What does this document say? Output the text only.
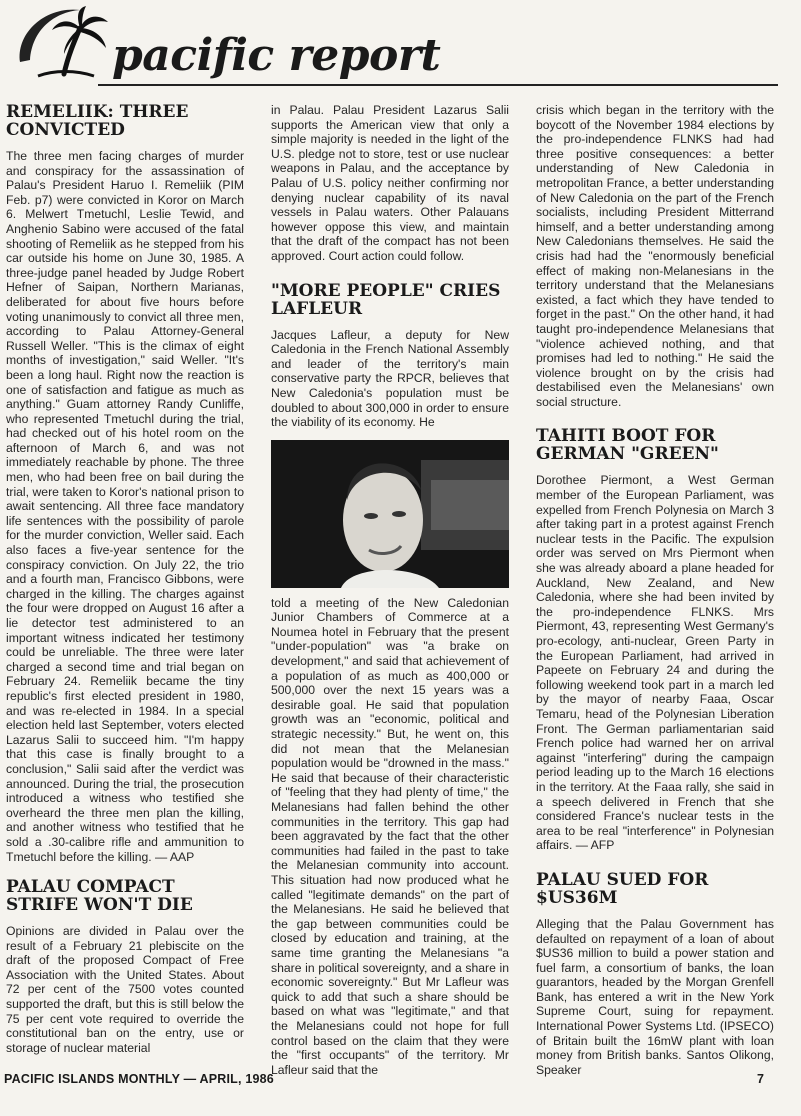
pacific report
REMELIIK: THREE CONVICTED

The three men facing charges of murder and conspiracy for the assassination of Palau's President Haruo I. Remeliik (PIM Feb. p7) were convicted in Koror on March 6. Melwert Tmetuchl, Leslie Tewid, and Anghenio Sabino were accused of the fatal shooting of Remeliik as he stepped from his car outside his home on June 30, 1985. A three-judge panel headed by Judge Robert Hefner of Saipan, Northern Marianas, deliberated for about five hours before voting unanimously to convict all three men, according to Palau Attorney-General Russell Weller. "This is the climax of eight months of investigation," said Weller. "It's been a long haul. Right now the reaction is one of satisfaction and fatigue as much as anything." Guam attorney Randy Cunliffe, who represented Tmetuchl during the trial, had checked out of his hotel room on the afternoon of March 6, and was not immediately reachable by phone. The three men, who had been free on bail during the trial, were taken to Koror's national prison to await sentencing. All three face mandatory life sentences with the possibility of parole for the murder conviction, Weller said. Each also faces a five-year sentence for the conspiracy conviction. On July 22, the trio and a fourth man, Francisco Gibbons, were charged in the killing. The charges against the four were dropped on August 16 after a lie detector test administered to an important witness indicated her testimony could be unreliable. The three were later charged a second time and trial began on February 24. Remeliik became the tiny republic's first elected president in 1980, and was re-elected in 1984. In a special election held last September, voters elected Lazarus Salii to succeed him. "I'm happy that this case is finally brought to a conclusion," Salii said after the verdict was announced. During the trial, the prosecution introduced a witness who testified she overheard the three men plan the killing, and another witness who testified that he sold a .30-calibre rifle and ammunition to Tmetuchl before the killing. — AAP

PALAU COMPACT STRIFE WON'T DIE

Opinions are divided in Palau over the result of a February 21 plebiscite on the draft of the proposed Compact of Free Association with the United States. About 72 per cent of the 7500 votes counted supported the draft, but this is still below the 75 per cent vote required to override the constitutional ban on the entry, use or storage of nuclear material

in Palau. Palau President Lazarus Salii supports the American view that only a simple majority is needed in the light of the U.S. pledge not to store, test or use nuclear weapons in Palau, and the acceptance by Palau of U.S. policy neither confirming nor denying nuclear capability of its naval vessels in Palau waters. Other Palauans however oppose this view, and maintain that the draft of the compact has not been approved. Court action could follow.

"MORE PEOPLE" CRIES LAFLEUR

Jacques Lafleur, a deputy for New Caledonia in the French National Assembly and leader of the territory's main conservative party the RPCR, believes that New Caledonia's population must be doubled to about 300,000 in order to ensure the viability of its economy. He

told a meeting of the New Caledonian Junior Chambers of Commerce at a Noumea hotel in February that the present "under-population" was "a brake on development," and said that achievement of a population of as much as 400,000 or 500,000 over the next 15 years was a desirable goal. He said that population growth was an "economic, political and strategic necessity." But, he went on, this did not mean that the Melanesian population would be "drowned in the mass." He said that because of their characteristic of "feeling that they had plenty of time," the Melanesians had fallen behind the other communities in the territory. This gap had been aggravated by the fact that the other communities had failed in the past to take the Melanesian community into account. This situation had now produced what he called "legitimate demands" on the part of the Melanesians. He said he believed that the gap between communities could be closed by education and training, at the same time granting the Melanesians "a share in political sovereignty, and a share in economic sovereignty." But Mr Lafleur was quick to add that such a share should be based on what was "legitimate," and that the Melanesians could not hope for full control based on the claim that they were the "first occupants" of the territory. Mr Lafleur said that the

crisis which began in the territory with the boycott of the November 1984 elections by the pro-independence FLNKS had had three positive consequences: a better understanding of New Caledonia in metropolitan France, a better understanding of New Caledonia on the part of the French socialists, including President Mitterrand himself, and a better understanding among New Caledonians themselves. He said the crisis had had the "enormously beneficial effect of making non-Melanesians in the territory understand that the Melanesians existed, a fact which they have tended to forget in the past." On the other hand, it had taught pro-independence Melanesians that "violence achieved nothing, and that promises had led to nothing." He said the violence brought on by the crisis had destabilised even the Melanesians' own social structure.

TAHITI BOOT FOR GERMAN "GREEN"

Dorothee Piermont, a West German member of the European Parliament, was expelled from French Polynesia on March 3 after taking part in a protest against French nuclear tests in the Pacific. The expulsion order was served on Mrs Piermont when she was already aboard a plane headed for Auckland, New Zealand, and New Caledonia, where she had been invited by the pro-independence FLNKS. Mrs Piermont, 43, representing West Germany's pro-ecology, anti-nuclear, Green Party in the European Parliament, had arrived in Papeete on February 24 and during the following weekend took part in a march led by the mayor of nearby Faaa, Oscar Temaru, head of the Polynesian Liberation Front. The German parliamentarian said French police had warned her on arrival against "interfering" during the campaign period leading up to the March 16 elections in the territory. At the Faaa rally, she said in a speech delivered in French that she considered France's nuclear tests in the area to be real "interference" in Polynesian affairs. — AFP

PALAU SUED FOR $US36M

Alleging that the Palau Government has defaulted on repayment of a loan of about $US36 million to build a power station and fuel farm, a consortium of banks, the loan guarantors, headed by the Morgan Grenfell Bank, has entered a writ in the New York Supreme Court, suing for repayment. International Power Systems Ltd. (IPSECO) of Britain built the 16mW plant with loan money from British banks. Santos Olikong, Speaker

PACIFIC ISLANDS MONTHLY — APRIL, 1986	7
